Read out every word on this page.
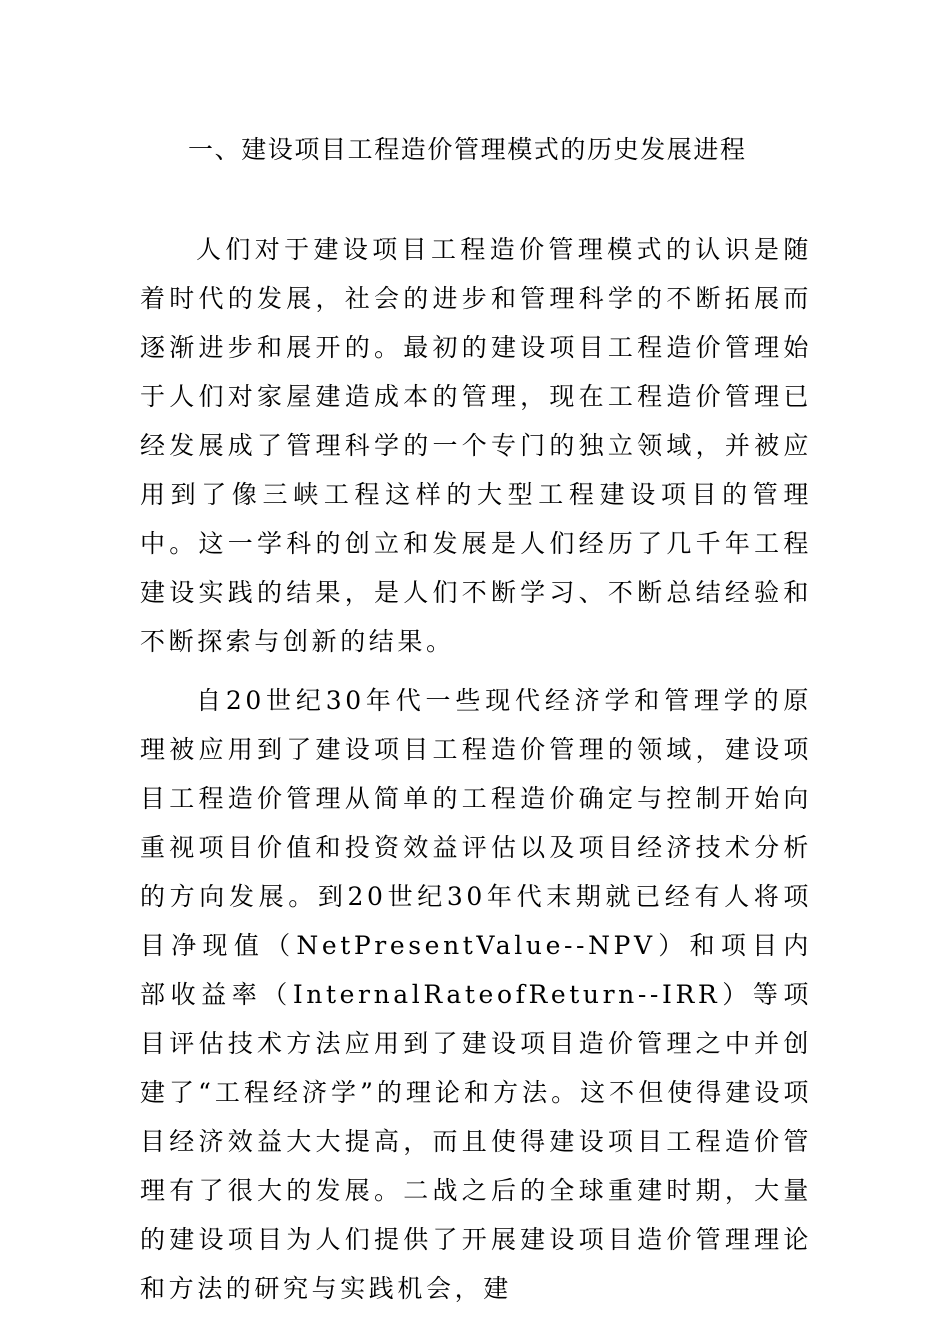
一、建设项目工程造价管理模式的历史发展进程

人们对于建设项目工程造价管理模式的认识是随着时代的发展，社会的进步和管理科学的不断拓展而逐渐进步和展开的。最初的建设项目工程造价管理始于人们对家屋建造成本的管理，现在工程造价管理已经发展成了管理科学的一个专门的独立领域，并被应用到了像三峡工程这样的大型工程建设项目的管理中。这一学科的创立和发展是人们经历了几千年工程建设实践的结果，是人们不断学习、不断总结经验和不断探索与创新的结果。

自20世纪30年代一些现代经济学和管理学的原理被应用到了建设项目工程造价管理的领域，建设项目工程造价管理从简单的工程造价确定与控制开始向重视项目价值和投资效益评估以及项目经济技术分析的方向发展。到20世纪30年代末期就已经有人将项目净现值（NetPresentValue--NPV）和项目内部收益率（InternalRateofReturn--IRR）等项目评估技术方法应用到了建设项目造价管理之中并创建了“工程经济学”的理论和方法。这不但使得建设项目经济效益大大提高，而且使得建设项目工程造价管理有了很大的发展。二战之后的全球重建时期，大量的建设项目为人们提供了开展建设项目造价管理理论和方法的研究与实践机会，建
